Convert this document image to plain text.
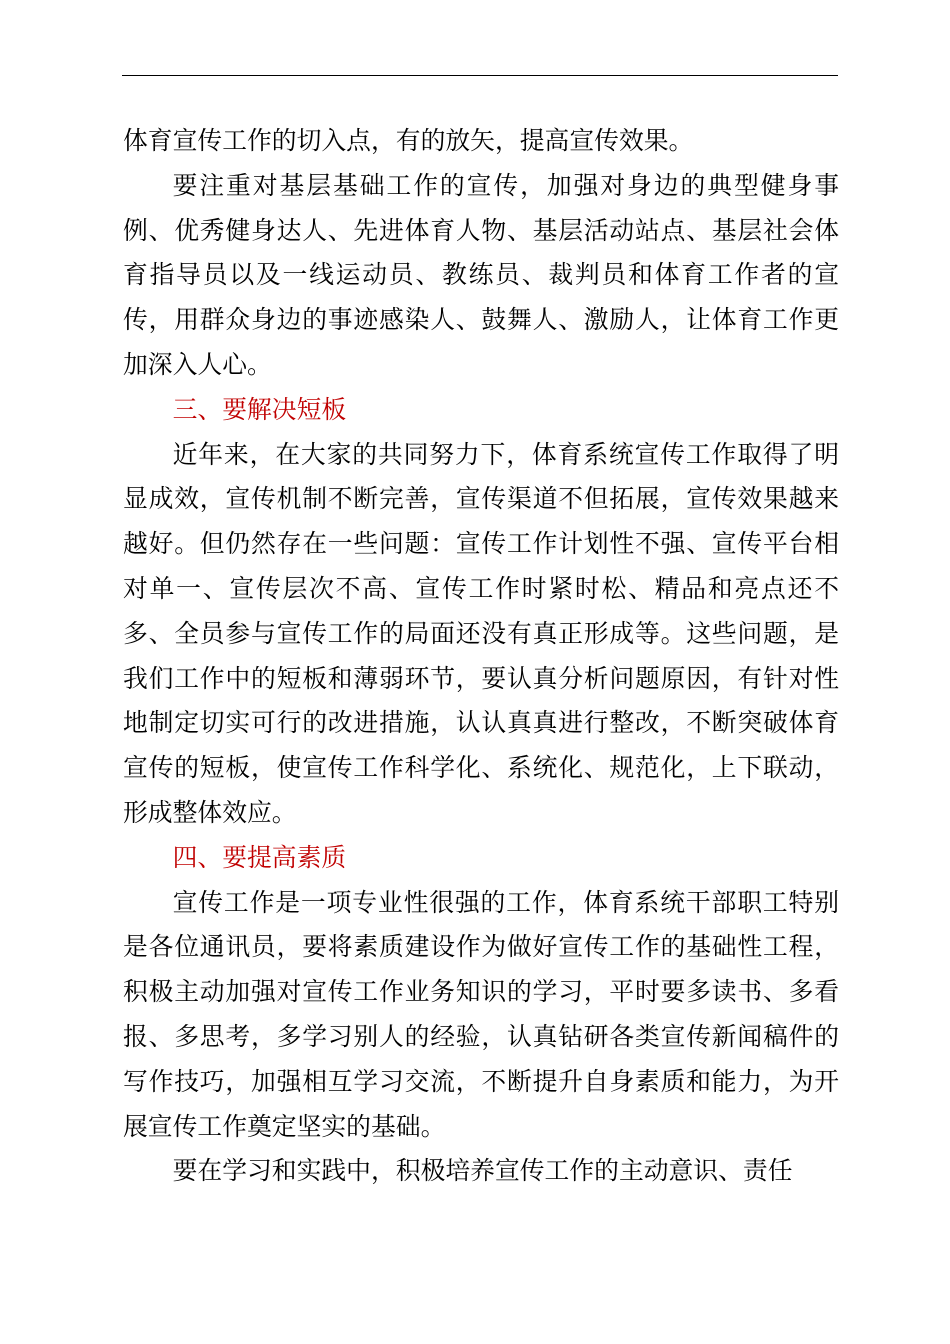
体育宣传工作的切入点，有的放矢，提高宣传效果。

要注重对基层基础工作的宣传，加强对身边的典型健身事例、优秀健身达人、先进体育人物、基层活动站点、基层社会体育指导员以及一线运动员、教练员、裁判员和体育工作者的宣传，用群众身边的事迹感染人、鼓舞人、激励人，让体育工作更加深入人心。

三、要解决短板

近年来，在大家的共同努力下，体育系统宣传工作取得了明显成效，宣传机制不断完善，宣传渠道不但拓展，宣传效果越来越好。但仍然存在一些问题：宣传工作计划性不强、宣传平台相对单一、宣传层次不高、宣传工作时紧时松、精品和亮点还不多、全员参与宣传工作的局面还没有真正形成等。这些问题，是我们工作中的短板和薄弱环节，要认真分析问题原因，有针对性地制定切实可行的改进措施，认认真真进行整改，不断突破体育宣传的短板，使宣传工作科学化、系统化、规范化，上下联动，形成整体效应。

四、要提高素质

宣传工作是一项专业性很强的工作，体育系统干部职工特别是各位通讯员，要将素质建设作为做好宣传工作的基础性工程，积极主动加强对宣传工作业务知识的学习，平时要多读书、多看报、多思考，多学习别人的经验，认真钻研各类宣传新闻稿件的写作技巧，加强相互学习交流，不断提升自身素质和能力，为开展宣传工作奠定坚实的基础。

要在学习和实践中，积极培养宣传工作的主动意识、责任
